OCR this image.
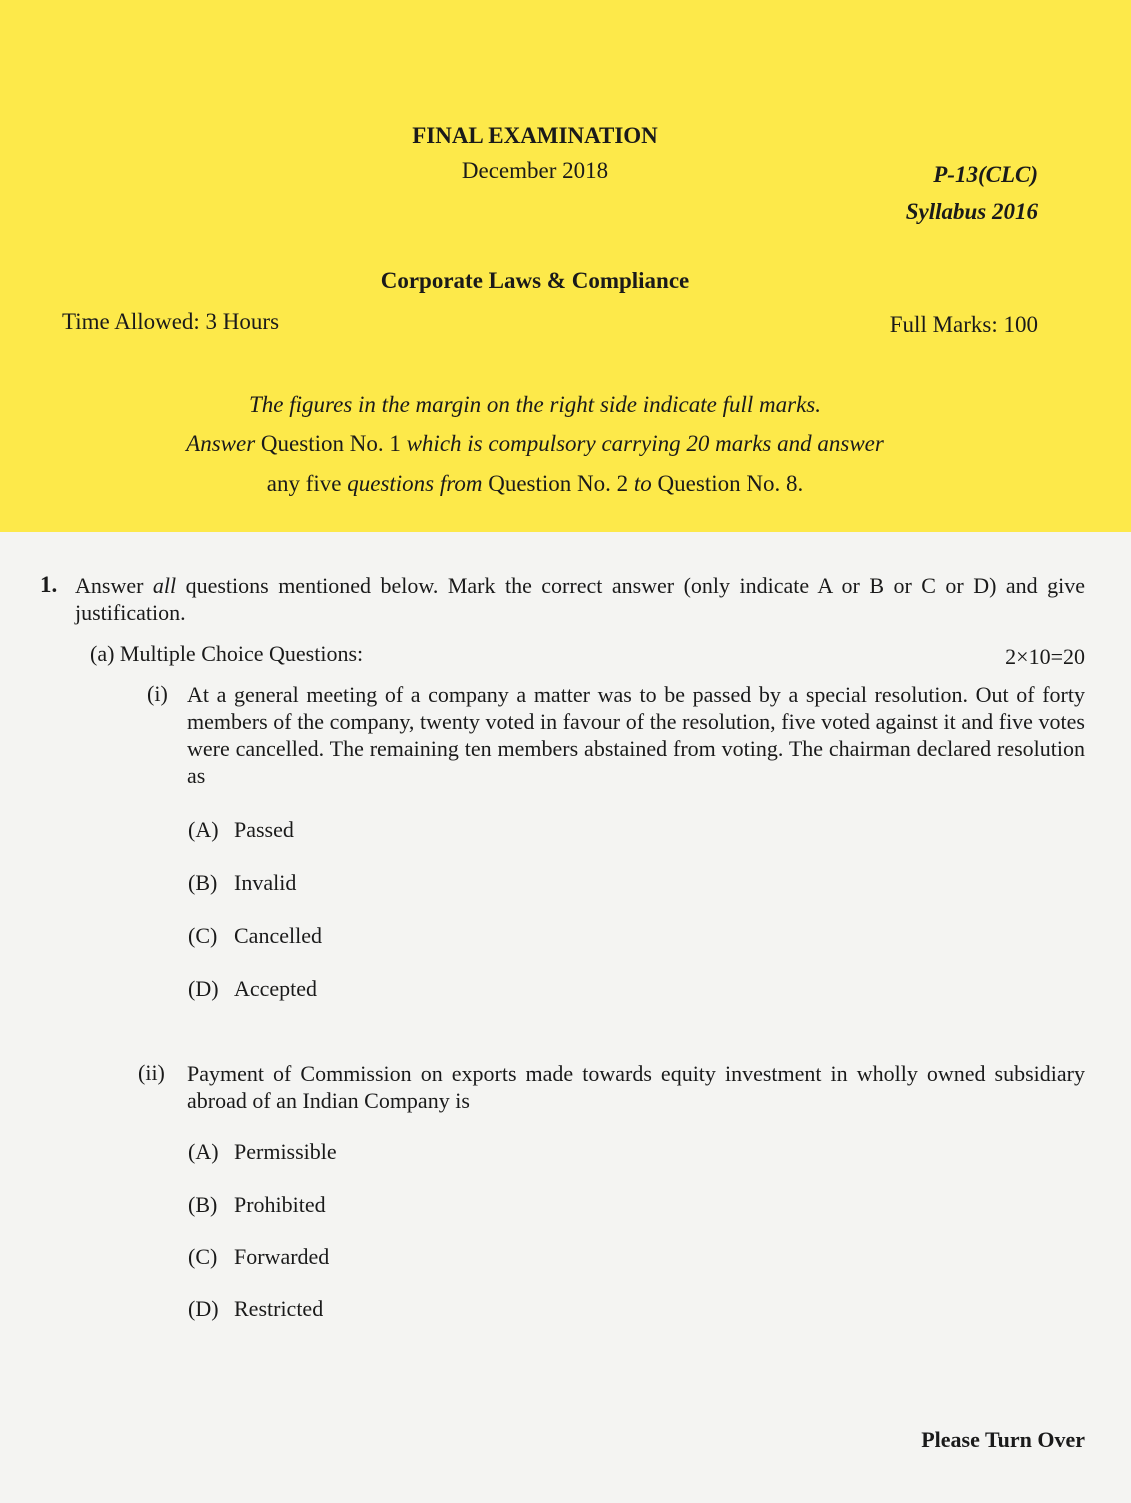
FINAL EXAMINATION
December 2018	P-13(CLC)
Syllabus 2016
Corporate Laws & Compliance
Time Allowed: 3 Hours	Full Marks: 100
The figures in the margin on the right side indicate full marks.
Answer Question No. 1 which is compulsory carrying 20 marks and answer
any five questions from Question No. 2 to Question No. 8.
1. Answer all questions mentioned below. Mark the correct answer (only indicate A or B or C or D) and give justification.
(a) Multiple Choice Questions:	2×10=20
(i) At a general meeting of a company a matter was to be passed by a special resolution. Out of forty members of the company, twenty voted in favour of the resolution, five voted against it and five votes were cancelled. The remaining ten members abstained from voting. The chairman declared resolution as
(A) Passed
(B) Invalid
(C) Cancelled
(D) Accepted
(ii)	Payment of Commission on exports made towards equity investment in wholly owned subsidiary abroad of an Indian Company is
(A) Permissible
(B) Prohibited
(C) Forwarded
(D) Restricted
Please Turn Over
